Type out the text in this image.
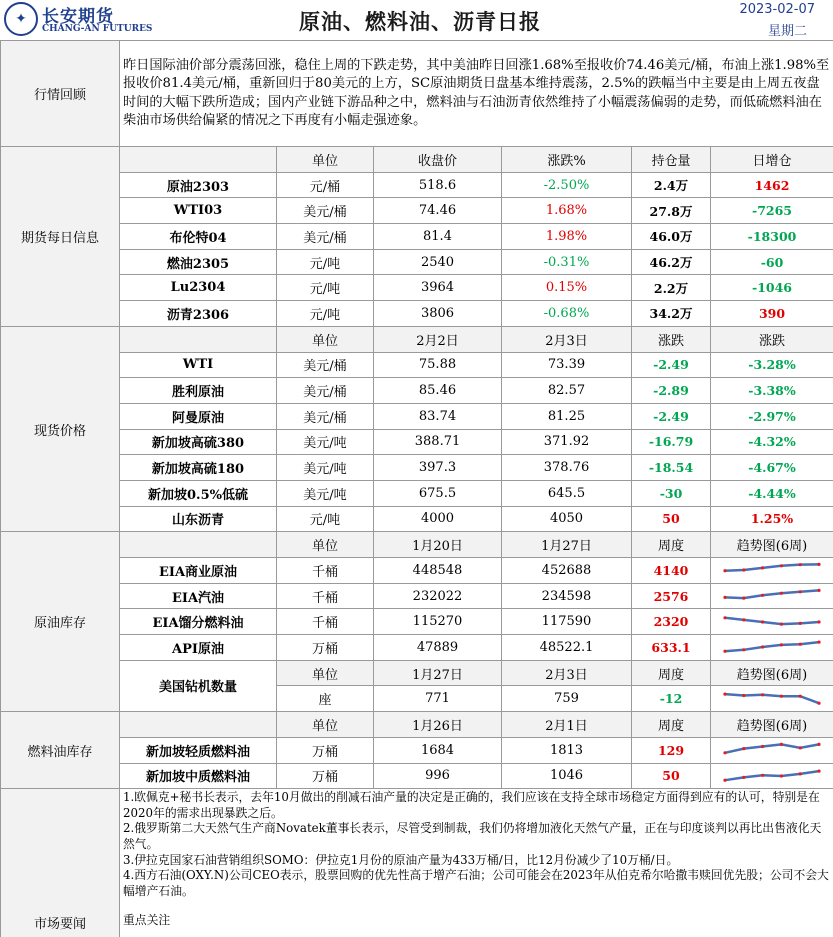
✦ 长安期货
CHANG-AN FUTURES	原油、燃料油、沥青日报
2023-02-07
星期二
行情回顾	昨日国际油价部分震荡回涨，稳住上周的下跌走势，其中美油昨日回涨1.68%至报收价74.46美元/桶，布油上涨1.98%至报收价81.4美元/桶，重新回归于80美元的上方，SC原油期货日盘基本维持震荡，2.5%的跌幅当中主要是由上周五夜盘时间的大幅下跌所造成；国内产业链下游品种之中，燃料油与石油沥青依然维持了小幅震荡偏弱的走势，而低硫燃料油在柴油市场供给偏紧的情况之下再度有小幅走强迹象。					
期货每日信息		单位	收盘价	涨跌%	持仓量	日增仓
	原油2303	元/桶	518.6	-2.50%	2.4万	1462
	WTI03	美元/桶	74.46	1.68%	27.8万	-7265
	布伦特04	美元/桶	81.4	1.98%	46.0万	-18300
	燃油2305	元/吨	2540	-0.31%	46.2万	-60
	Lu2304	元/吨	3964	0.15%	2.2万	-1046
	沥青2306	元/吨	3806	-0.68%	34.2万	390
现货价格		单位	2月2日	2月3日	涨跌	涨跌
	WTI	美元/桶	75.88	73.39	-2.49	-3.28%
	胜利原油	美元/桶	85.46	82.57	-2.89	-3.38%
	阿曼原油	美元/桶	83.74	81.25	-2.49	-2.97%
	新加坡高硫380	美元/吨	388.71	371.92	-16.79	-4.32%
	新加坡高硫180	美元/吨	397.3	378.76	-18.54	-4.67%
	新加坡0.5%低硫	美元/吨	675.5	645.5	-30	-4.44%
	山东沥青	元/吨	4000	4050	50	1.25%
原油库存		单位	1月20日	1月27日	周度	趋势图(6周)
	EIA商业原油	千桶	448548	452688	4140	

	EIA汽油	千桶	232022	234598	2576	

	EIA馏分燃料油	千桶	115270	117590	2320	

	API原油	万桶	47889	48522.1	633.1	

	美国钻机数量	单位	1月27日	2月3日	周度	趋势图(6周)
		座	771	759	-12	

燃料油库存		单位	1月26日	2月1日	周度	趋势图(6周)
	新加坡轻质燃料油	万桶	1684	1813	129	

	新加坡中质燃料油	万桶	996	1046	50	

市场要闻	1.欧佩克+秘书长表示，去年10月做出的削减石油产量的决定是正确的，我们应该在支持全球市场稳定方面得到应有的认可，特别是在2020年的需求出现暴跌之后。

2.俄罗斯第二大天然气生产商Novatek董事长表示，尽管受到制裁，我们仍将增加液化天然气产量，正在与印度谈判以再比出售液化天然气。

3.伊拉克国家石油营销组织SOMO：伊拉克1月份的原油产量为433万桶/日，比12月份减少了10万桶/日。

4.西方石油(OXY.N)公司CEO表示，股票回购的优先性高于增产石油；公司可能会在2023年从伯克希尔哈撒韦赎回优先股；公司不会大幅增产石油。

重点关注					
